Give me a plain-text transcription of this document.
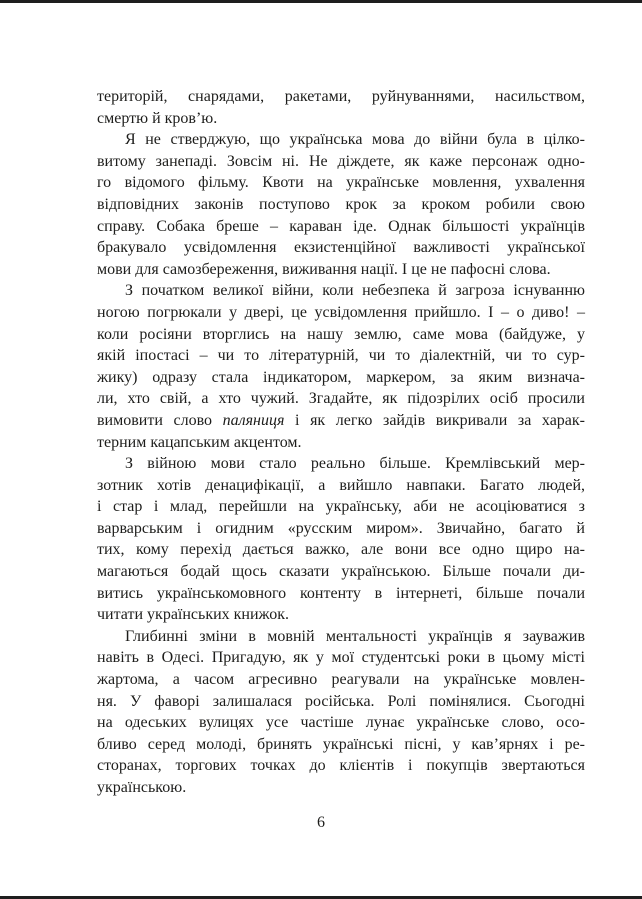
територій, снарядами, ракетами, руйнуваннями, насильством,
смертю й кров’ю.
Я не стверджую, що українська мова до війни була в цілко-
витому занепаді. Зовсім ні. Не діждете, як каже персонаж одно-
го відомого фільму. Квоти на українське мовлення, ухвалення
відповідних законів поступово крок за кроком робили свою
справу. Собака бреше – караван іде. Однак більшості українців
бракувало усвідомлення екзистенційної важливості української
мови для самозбереження, виживання нації. І це не пафосні слова.
З початком великої війни, коли небезпека й загроза існуванню
ногою погрюкали у двері, це усвідомлення прийшло. І – о диво! –
коли росіяни вторглись на нашу землю, саме мова (байдуже, у
якій іпостасі – чи то літературній, чи то діалектній, чи то сур-
жику) одразу стала індикатором, маркером, за яким визнача-
ли, хто свій, а хто чужий. Згадайте, як підозрілих осіб просили
вимовити слово паляниця і як легко зайдів викривали за харак-
терним кацапським акцентом.
З війною мови стало реально більше. Кремлівський мер-
зотник хотів денацифікації, а вийшло навпаки. Багато людей,
і стар і млад, перейшли на українську, аби не асоціюватися з
варварським і огидним «русским миром». Звичайно, багато й
тих, кому перехід дається важко, але вони все одно щиро на-
магаються бодай щось сказати українською. Більше почали ди-
витись українськомовного контенту в інтернеті, більше почали
читати українських книжок.
Глибинні зміни в мовній ментальності українців я зауважив
навіть в Одесі. Пригадую, як у мої студентські роки в цьому місті
жартома, а часом агресивно реагували на українське мовлен-
ня. У фаворі залишалася російська. Ролі помінялися. Сьогодні
на одеських вулицях усе частіше лунає українське слово, осо-
бливо серед молоді, бринять українські пісні, у кав’ярнях і ре-
сторанах, торгових точках до клієнтів і покупців звертаються
українською.
6
